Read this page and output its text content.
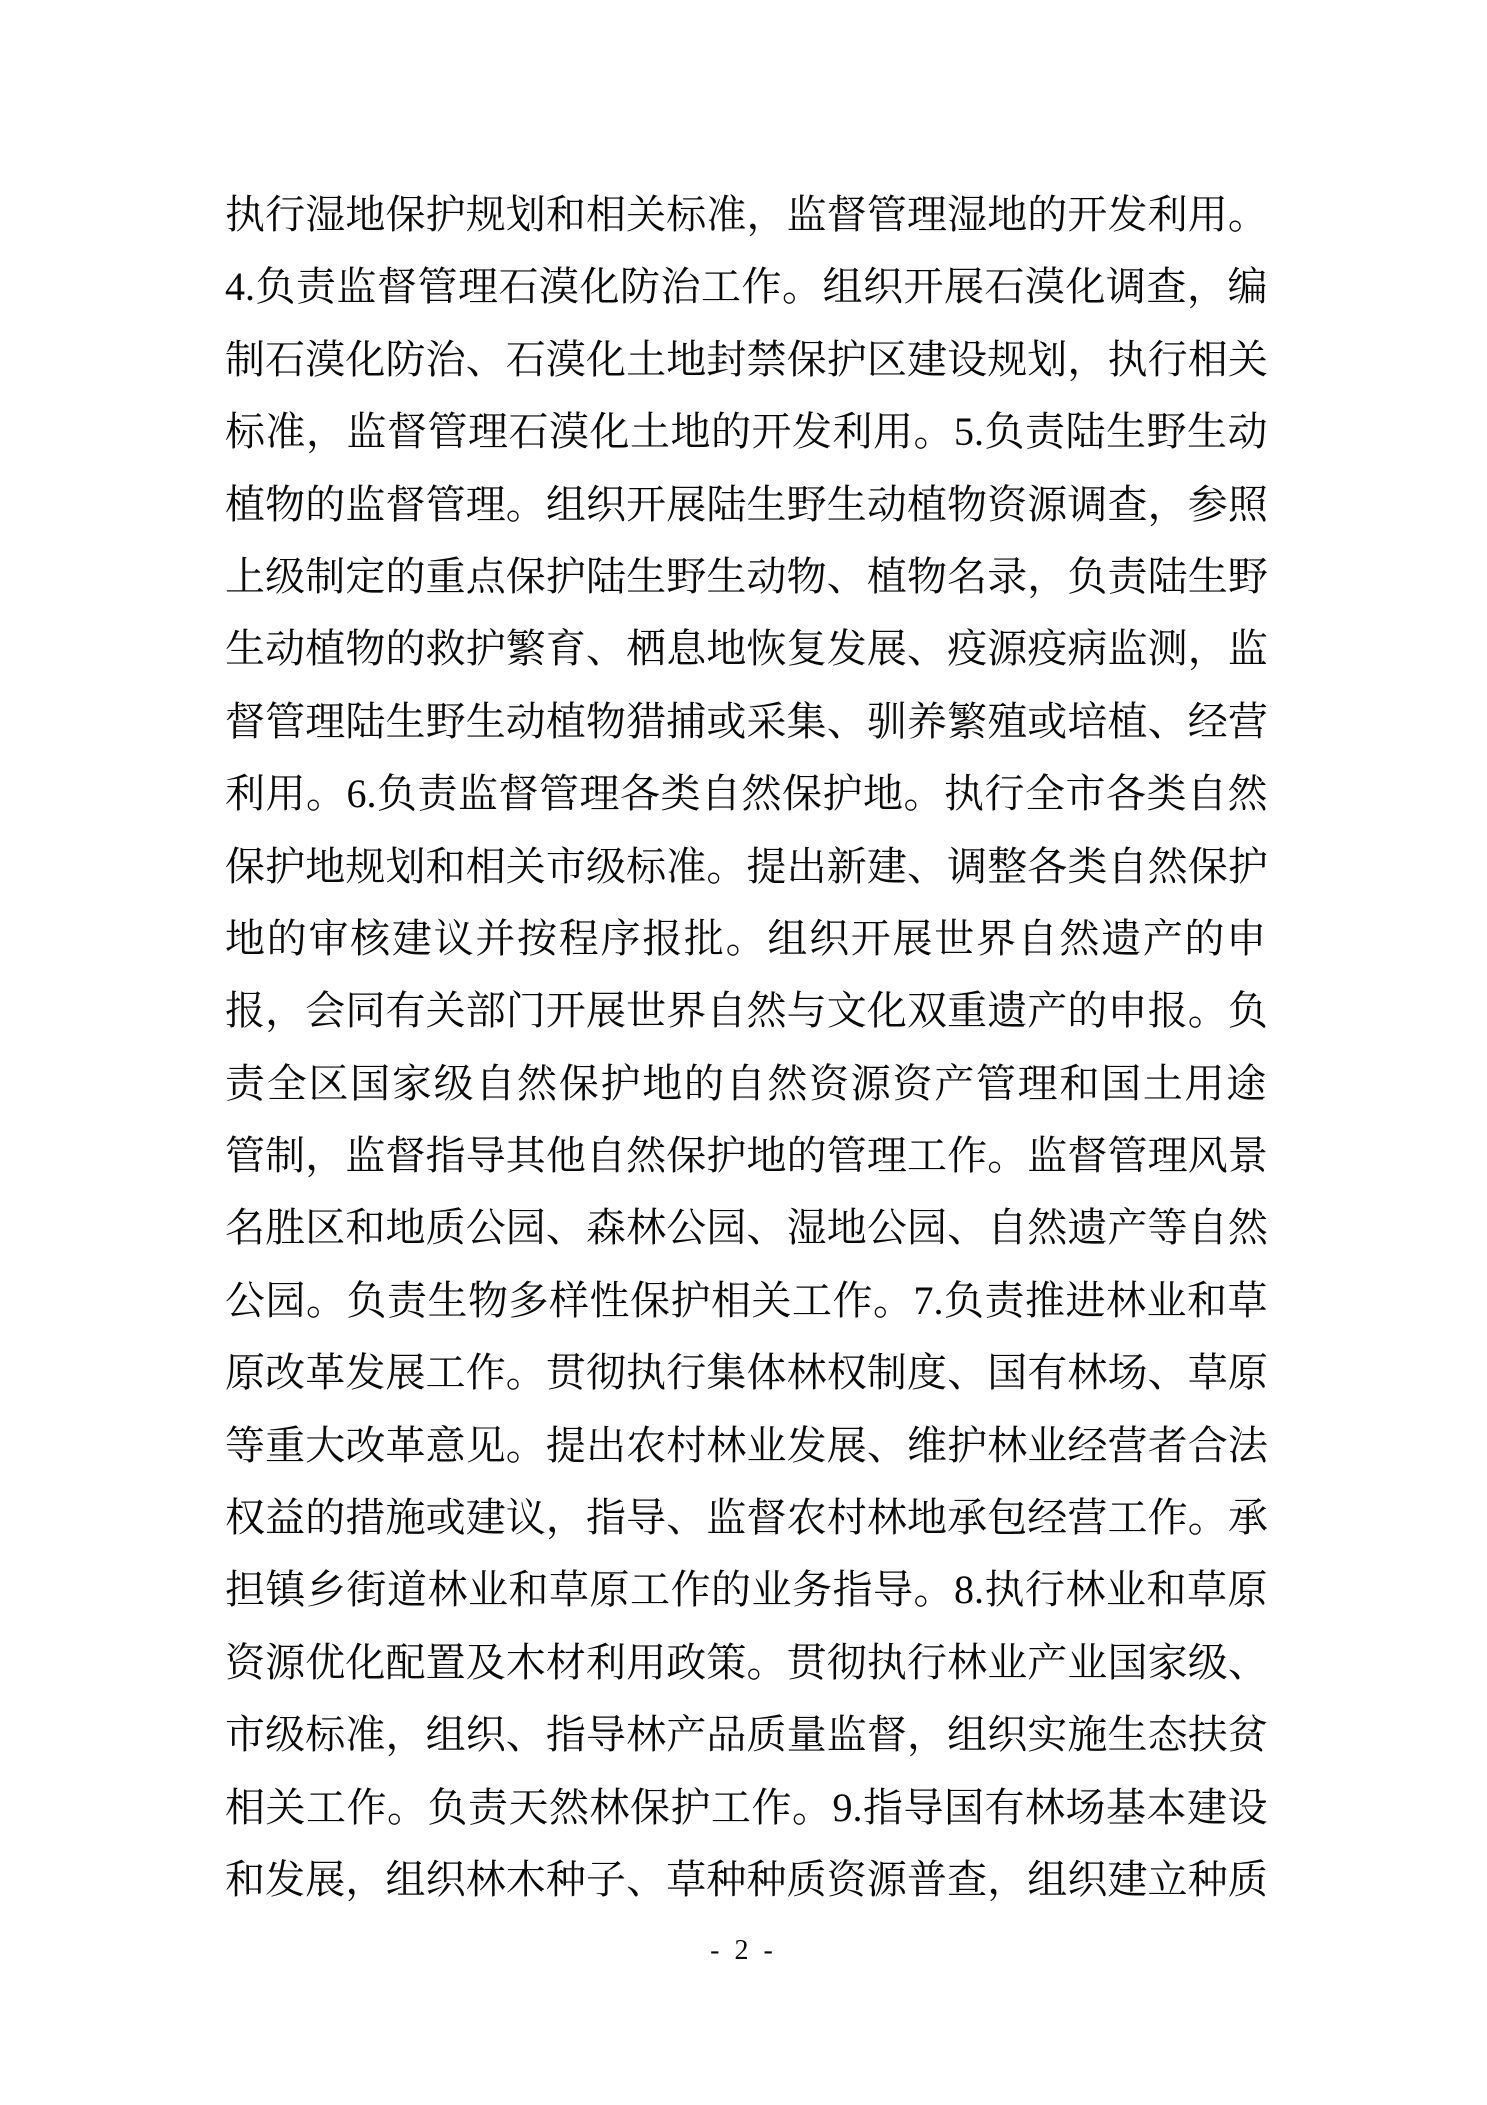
执行湿地保护规划和相关标准，监督管理湿地的开发利用。
4.负责监督管理石漠化防治工作。组织开展石漠化调查，编
制石漠化防治、石漠化土地封禁保护区建设规划，执行相关
标准，监督管理石漠化土地的开发利用。5.负责陆生野生动
植物的监督管理。组织开展陆生野生动植物资源调查，参照
上级制定的重点保护陆生野生动物、植物名录，负责陆生野
生动植物的救护繁育、栖息地恢复发展、疫源疫病监测，监
督管理陆生野生动植物猎捕或采集、驯养繁殖或培植、经营
利用。6.负责监督管理各类自然保护地。执行全市各类自然
保护地规划和相关市级标准。提出新建、调整各类自然保护
地的审核建议并按程序报批。组织开展世界自然遗产的申
报，会同有关部门开展世界自然与文化双重遗产的申报。负
责全区国家级自然保护地的自然资源资产管理和国土用途
管制，监督指导其他自然保护地的管理工作。监督管理风景
名胜区和地质公园、森林公园、湿地公园、自然遗产等自然
公园。负责生物多样性保护相关工作。7.负责推进林业和草
原改革发展工作。贯彻执行集体林权制度、国有林场、草原
等重大改革意见。提出农村林业发展、维护林业经营者合法
权益的措施或建议，指导、监督农村林地承包经营工作。承
担镇乡街道林业和草原工作的业务指导。8.执行林业和草原
资源优化配置及木材利用政策。贯彻执行林业产业国家级、
市级标准，组织、指导林产品质量监督，组织实施生态扶贫
相关工作。负责天然林保护工作。9.指导国有林场基本建设
和发展，组织林木种子、草种种质资源普查，组织建立种质
- 2 -
